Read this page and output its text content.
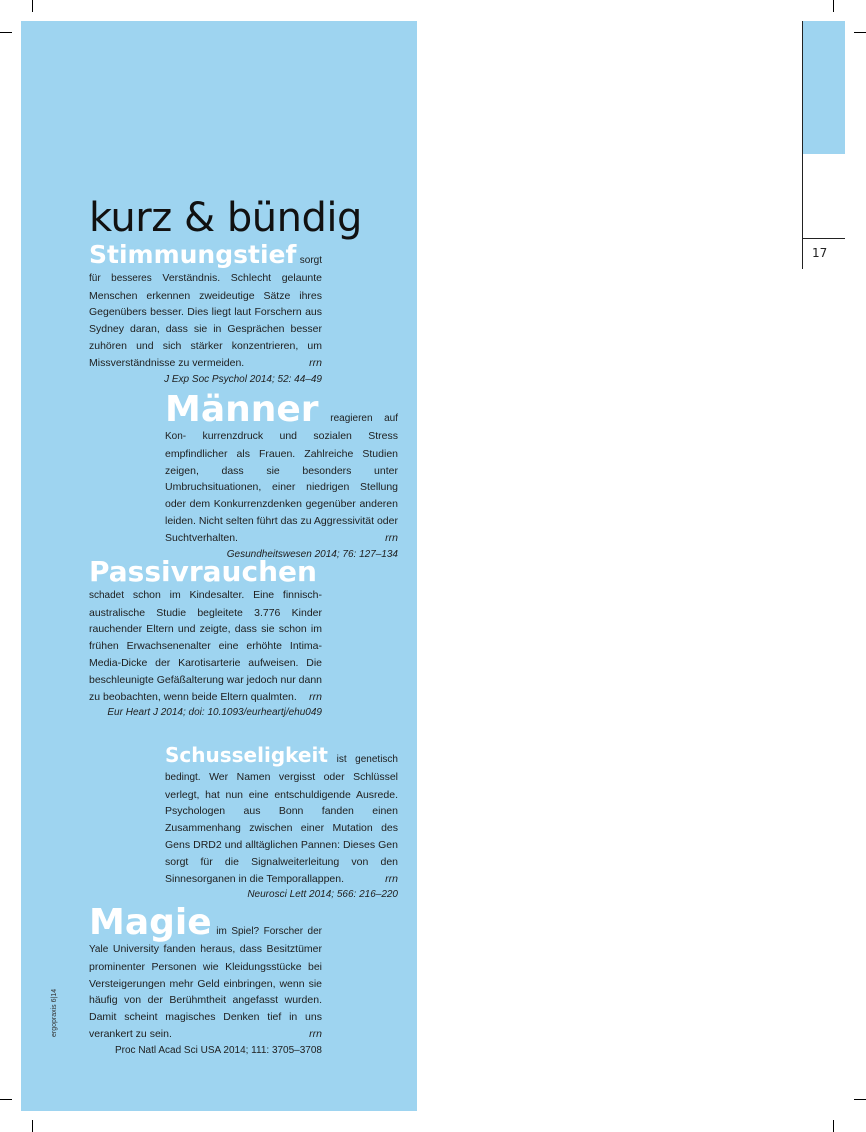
17
kurz & bündig
Stimmungstief sorgt für besseres Verständnis. Schlecht gelaunte Menschen erkennen zweideutige Sätze ihres Gegenübers besser. Dies liegt laut Forschern aus Sydney daran, dass sie in Gesprächen besser zuhören und sich stärker konzentrieren, um Missverständnisse zu vermeiden.	rrn
J Exp Soc Psychol 2014; 52: 44–49
Männer reagieren auf Kon- kurrenzdruck und sozialen Stress empfindlicher als Frauen. Zahlreiche Studien zeigen, dass sie besonders unter Umbruchsituationen, einer niedrigen Stellung oder dem Konkurrenzdenken gegenüber anderen leiden. Nicht selten führt das zu Aggressivität oder Suchtverhalten.	rrn
Gesundheitswesen 2014; 76: 127–134
Passivrauchen schadet schon im Kindesalter. Eine finnisch-australische Studie begleitete 3.776 Kinder rauchender Eltern und zeigte, dass sie schon im frühen Erwachsenenalter eine erhöhte Intima-Media-Dicke der Karotisarterie aufweisen. Die beschleunigte Gefäßalterung war jedoch nur dann zu beobachten, wenn beide Eltern qualmten. rrn
Eur Heart J 2014; doi: 10.1093/eurheartj/ehu049
Schusseligkeit ist genetisch bedingt. Wer Namen vergisst oder Schlüssel verlegt, hat nun eine entschuldigende Ausrede. Psychologen aus Bonn fanden einen Zusammenhang zwischen einer Mutation des Gens DRD2 und alltäglichen Pannen: Dieses Gen sorgt für die Signalweiterleitung von den Sinnesorganen in die Temporallappen.	rrn
Neurosci Lett 2014; 566: 216–220
Magie im Spiel? Forscher der Yale University fanden heraus, dass Besitztümer prominenter Personen wie Kleidungsstücke bei Versteigerungen mehr Geld einbringen, wenn sie häufig von der Berühmtheit angefasst wurden. Damit scheint magisches Denken tief in uns verankert zu sein.	rrn
Proc Natl Acad Sci USA 2014; 111: 3705–3708
ergopraxis 6|14
